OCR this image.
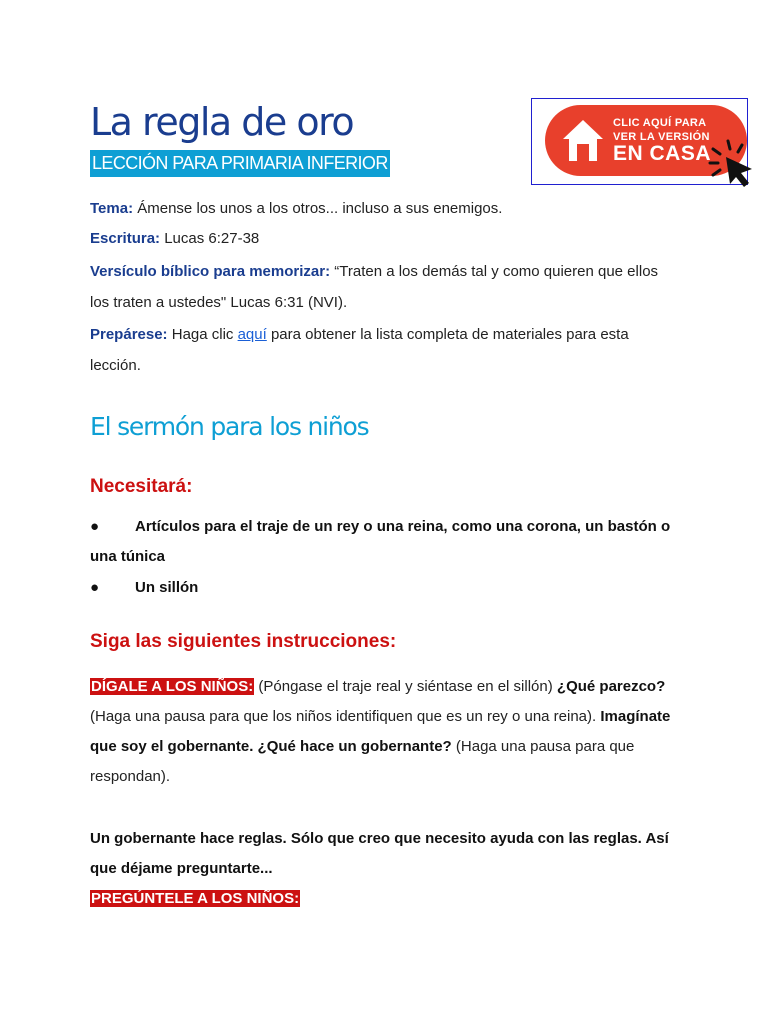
La regla de oro
LECCIÓN PARA PRIMARIA INFERIOR
CLIC AQUÍ PARA
VER LA VERSIÓN
EN CASA
Tema: Ámense los unos a los otros... incluso a sus enemigos.
Escritura: Lucas 6:27-38
Versículo bíblico para memorizar: “Traten a los demás tal y como quieren que ellos los traten a ustedes" Lucas 6:31 (NVI).
Prepárese: Haga clic aquí para obtener la lista completa de materiales para esta lección.
El sermón para los niños
Necesitará:
● Artículos para el traje de un rey o una reina, como una corona, un bastón o una túnica
● Un sillón
Siga las siguientes instrucciones:
DÍGALE A LOS NIÑOS: (Póngase el traje real y siéntase en el sillón) ¿Qué parezco? (Haga una pausa para que los niños identifiquen que es un rey o una reina). Imagínate que soy el gobernante. ¿Qué hace un gobernante? (Haga una pausa para que respondan).
Un gobernante hace reglas. Sólo que creo que necesito ayuda con las reglas. Así que déjame preguntarte...
PREGÚNTELE A LOS NIÑOS:
